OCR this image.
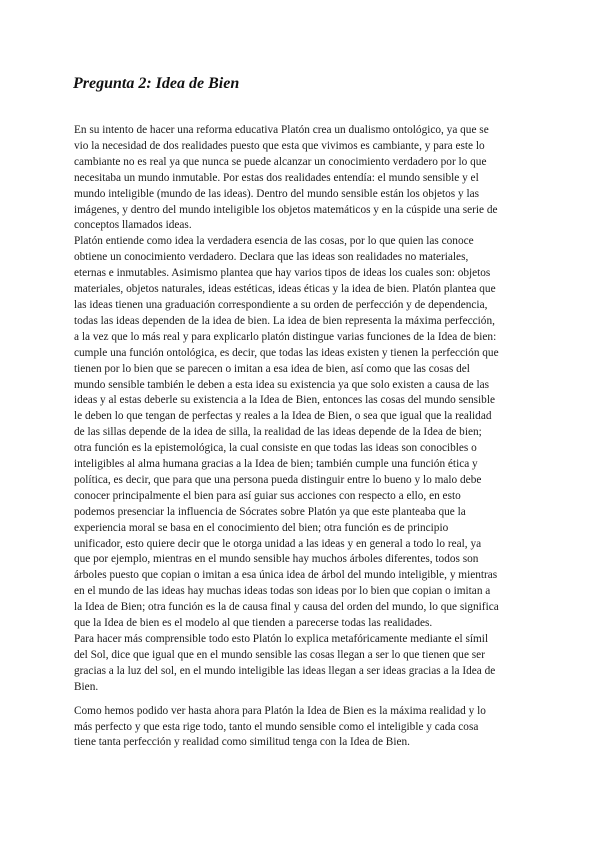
Pregunta 2: Idea de Bien
En su intento de hacer una reforma educativa Platón crea un dualismo ontológico, ya que se
vio la necesidad de dos realidades puesto que esta que vivimos es cambiante, y para este lo
cambiante no es real ya que nunca se puede alcanzar un conocimiento verdadero por lo que
necesitaba un mundo inmutable. Por estas dos realidades entendía: el mundo sensible y el
mundo inteligible (mundo de las ideas). Dentro del mundo sensible están los objetos y las
imágenes, y dentro del mundo inteligible los objetos matemáticos y en la cúspide una serie de
conceptos llamados ideas.
Platón entiende como idea la verdadera esencia de las cosas, por lo que quien las conoce
obtiene un conocimiento verdadero. Declara que las ideas son realidades no materiales,
eternas e inmutables. Asimismo plantea que hay varios tipos de ideas los cuales son: objetos
materiales, objetos naturales, ideas estéticas, ideas éticas y la idea de bien. Platón plantea que
las ideas tienen una graduación correspondiente a su orden de perfección y de dependencia,
todas las ideas dependen de la idea de bien. La idea de bien representa la máxima perfección,
a la vez que lo más real y para explicarlo platón distingue varias funciones de la Idea de bien:
cumple una función ontológica, es decir, que todas las ideas existen y tienen la perfección que
tienen por lo bien que se parecen o imitan a esa idea de bien, así como que las cosas del
mundo sensible también le deben a esta idea su existencia ya que solo existen a causa de las
ideas y al estas deberle su existencia a la Idea de Bien, entonces las cosas del mundo sensible
le deben lo que tengan de perfectas y reales a la Idea de Bien, o sea que igual que la realidad
de las sillas depende de la idea de silla, la realidad de las ideas depende de la Idea de bien;
otra función es la epistemológica, la cual consiste en que todas las ideas son conocibles o
inteligibles al alma humana gracias a la Idea de bien; también cumple una función ética y
política, es decir, que para que una persona pueda distinguir entre lo bueno y lo malo debe
conocer principalmente el bien para así guiar sus acciones con respecto a ello, en esto
podemos presenciar la influencia de Sócrates sobre Platón ya que este planteaba que la
experiencia moral se basa en el conocimiento del bien; otra función es de principio
unificador, esto quiere decir que le otorga unidad a las ideas y en general a todo lo real, ya
que por ejemplo, mientras en el mundo sensible hay muchos árboles diferentes, todos son
árboles puesto que copian o imitan a esa única idea de árbol del mundo inteligible, y mientras
en el mundo de las ideas hay muchas ideas todas son ideas por lo bien que copian o imitan a
la Idea de Bien; otra función es la de causa final y causa del orden del mundo, lo que significa
que la Idea de bien es el modelo al que tienden a parecerse todas las realidades.
Para hacer más comprensible todo esto Platón lo explica metafóricamente mediante el símil
del Sol, dice que igual que en el mundo sensible las cosas llegan a ser lo que tienen que ser
gracias a la luz del sol, en el mundo inteligible las ideas llegan a ser ideas gracias a la Idea de
Bien.
Como hemos podido ver hasta ahora para Platón la Idea de Bien es la máxima realidad y lo
más perfecto y que esta rige todo, tanto el mundo sensible como el inteligible y cada cosa
tiene tanta perfección y realidad como similitud tenga con la Idea de Bien.
